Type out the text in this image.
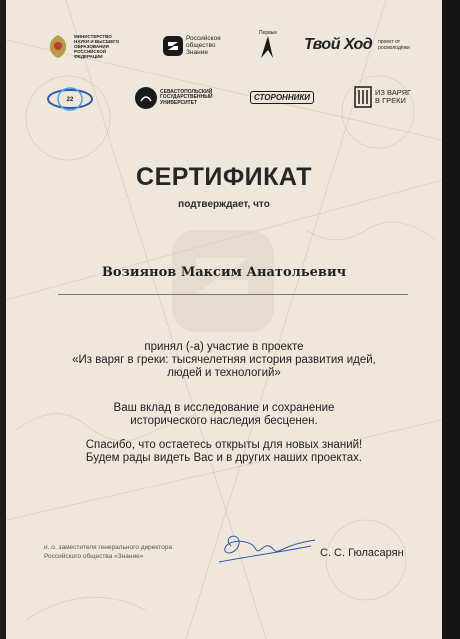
МИНИСТЕРСТВО НАУКИ И ВЫСШЕГО ОБРАЗОВАНИЯ РОССИЙСКОЙ ФЕДЕРАЦИИ
Российское общество Знание
Первые
Твой Ход проект от росмолодёжи
22
СЕВАСТОПОЛЬСКИЙ ГОСУДАРСТВЕННЫЙ УНИВЕРСИТЕТ
СТОРОННИКИ
ИЗ ВАРЯГ В ГРЕКИ
СЕРТИФИКАТ
подтверждает, что
Возиянов Максим Анатольевич
принял (-а) участие в проекте
«Из варяг в греки: тысячелетняя история развития идей,
людей и технологий»
Ваш вклад в исследование и сохранение
исторического наследия бесценен.
Спасибо, что остаетесь открыты для новых знаний!
Будем рады видеть Вас и в других наших проектах.
и. о. заместителя генерального директора
Российского общества «Знание»	С. С. Гюласарян
